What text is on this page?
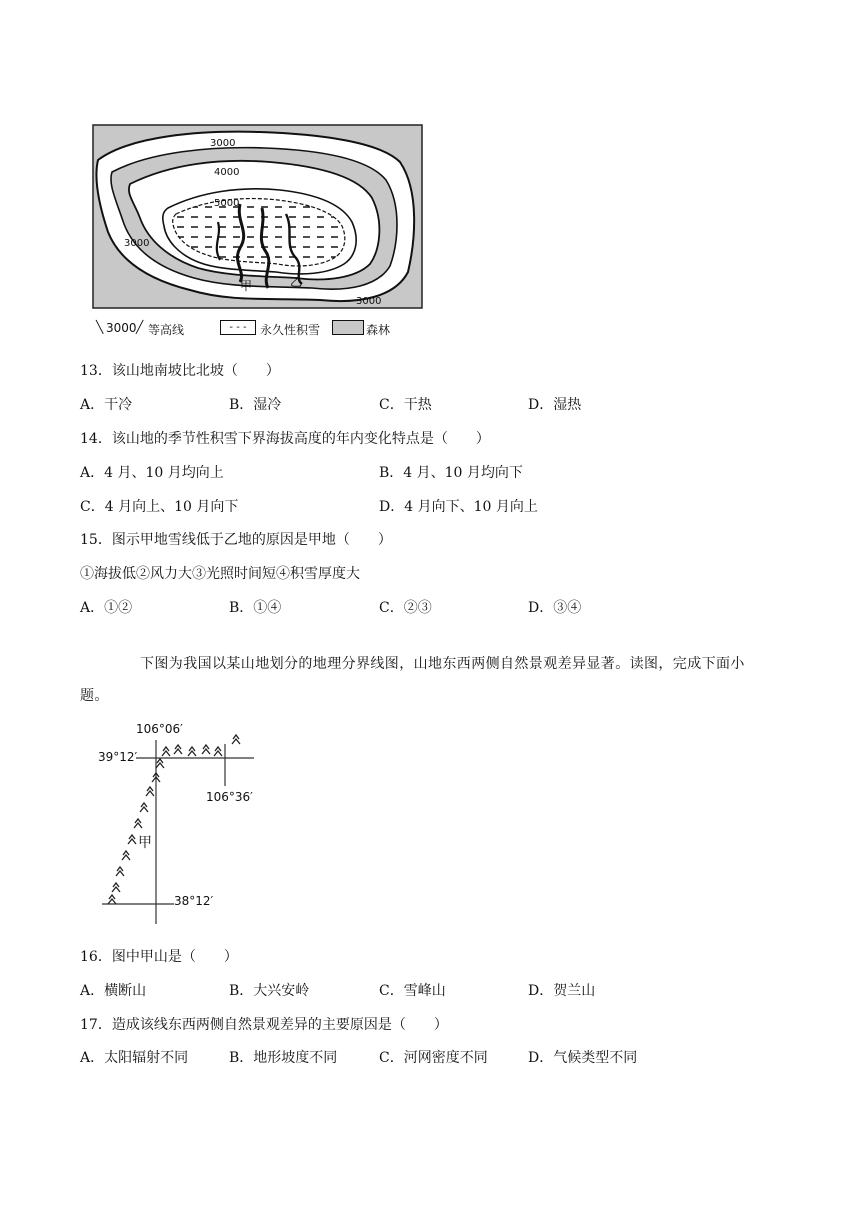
3000
4000
5000
3000
3000
甲	乙
╲ 3000 ╱ 等高线	- - -	永久性积雪	森林
13．该山地南坡比北坡（　　）
A．干冷	B．湿冷	C．干热	D．湿热
14．该山地的季节性积雪下界海拔高度的年内变化特点是（　　）
A．4 月、10 月均向上	B．4 月、10 月均向下
C．4 月向上、10 月向下	D．4 月向下、10 月向上
15．图示甲地雪线低于乙地的原因是甲地（　　）
①海拔低②风力大③光照时间短④积雪厚度大
A．①②	B．①④	C．②③	D．③④
下图为我国以某山地划分的地理分界线图，山地东西两侧自然景观差异显著。读图，完成下面小
题。
106°06′
39°12′
106°36′
甲
38°12′
16．图中甲山是（　　）
A．横断山	B．大兴安岭	C．雪峰山	D．贺兰山
17．造成该线东西两侧自然景观差异的主要原因是（　　）
A．太阳辐射不同	B．地形坡度不同	C．河网密度不同	D．气候类型不同
